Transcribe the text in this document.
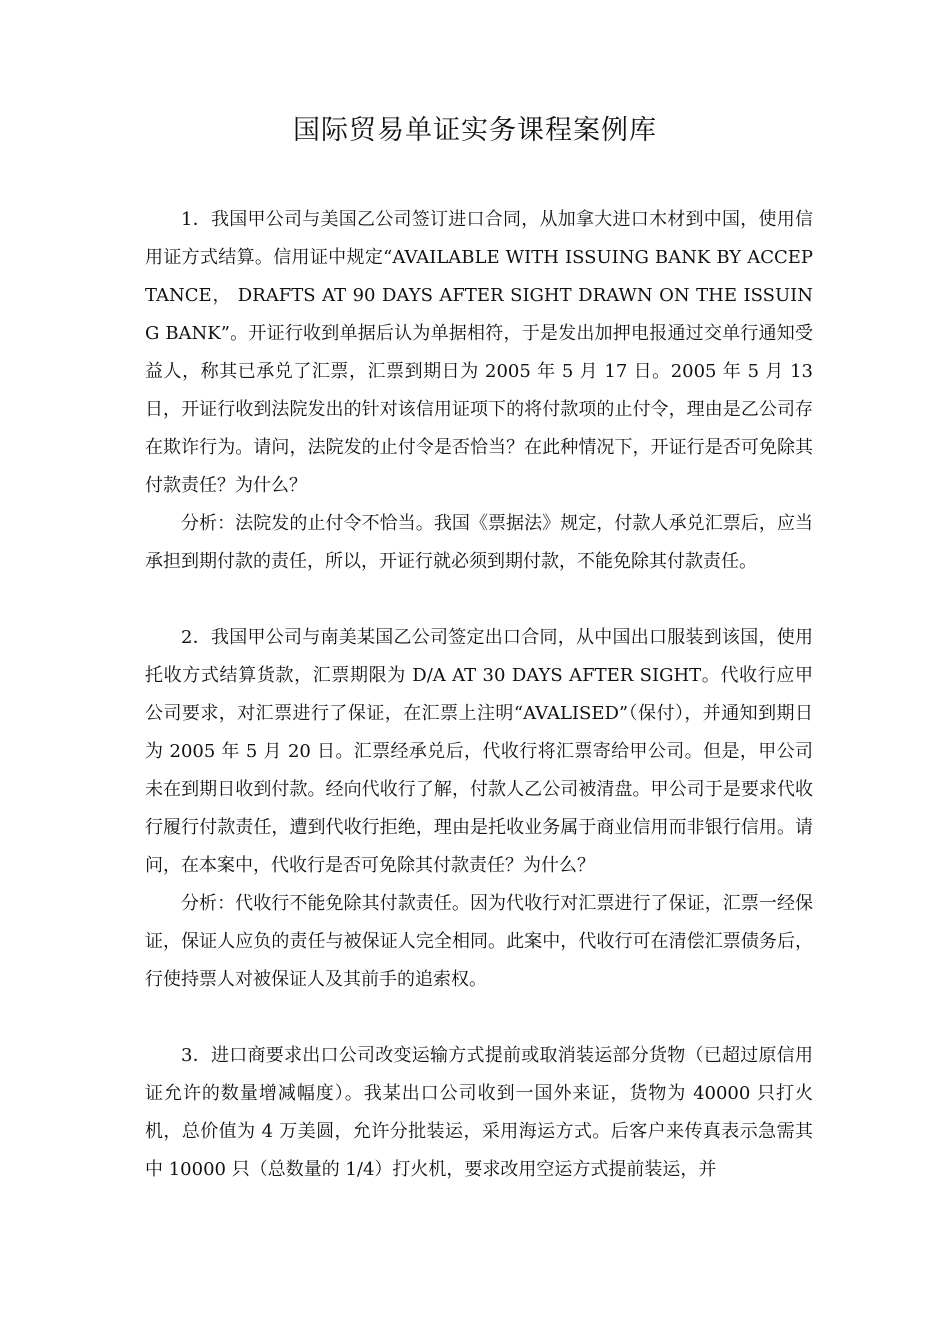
国际贸易单证实务课程案例库

1．我国甲公司与美国乙公司签订进口合同，从加拿大进口木材到中国，使用信用证方式结算。信用证中规定“AVAILABLE WITH ISSUING BANK BY ACCEPTANCE， DRAFTS AT 90 DAYS AFTER SIGHT DRAWN ON THE ISSUING BANK”。开证行收到单据后认为单据相符，于是发出加押电报通过交单行通知受益人，称其已承兑了汇票，汇票到期日为 2005 年 5 月 17 日。2005 年 5 月 13 日，开证行收到法院发出的针对该信用证项下的将付款项的止付令，理由是乙公司存在欺诈行为。请问，法院发的止付令是否恰当？在此种情况下，开证行是否可免除其付款责任？为什么？

分析：法院发的止付令不恰当。我国《票据法》规定，付款人承兑汇票后，应当承担到期付款的责任，所以，开证行就必须到期付款，不能免除其付款责任。

2．我国甲公司与南美某国乙公司签定出口合同，从中国出口服装到该国，使用托收方式结算货款，汇票期限为 D/A AT 30 DAYS AFTER SIGHT。代收行应甲公司要求，对汇票进行了保证，在汇票上注明“AVALISED”（保付），并通知到期日为 2005 年 5 月 20 日。汇票经承兑后，代收行将汇票寄给甲公司。但是，甲公司未在到期日收到付款。经向代收行了解，付款人乙公司被清盘。甲公司于是要求代收行履行付款责任，遭到代收行拒绝，理由是托收业务属于商业信用而非银行信用。请问，在本案中，代收行是否可免除其付款责任？为什么？

分析：代收行不能免除其付款责任。因为代收行对汇票进行了保证，汇票一经保证，保证人应负的责任与被保证人完全相同。此案中，代收行可在清偿汇票债务后，行使持票人对被保证人及其前手的追索权。

3．进口商要求出口公司改变运输方式提前或取消装运部分货物（已超过原信用证允许的数量增减幅度）。我某出口公司收到一国外来证，货物为 40000 只打火机，总价值为 4 万美圆，允许分批装运，采用海运方式。后客户来传真表示急需其中 10000 只（总数量的 1/4）打火机，要求改用空运方式提前装运，并
